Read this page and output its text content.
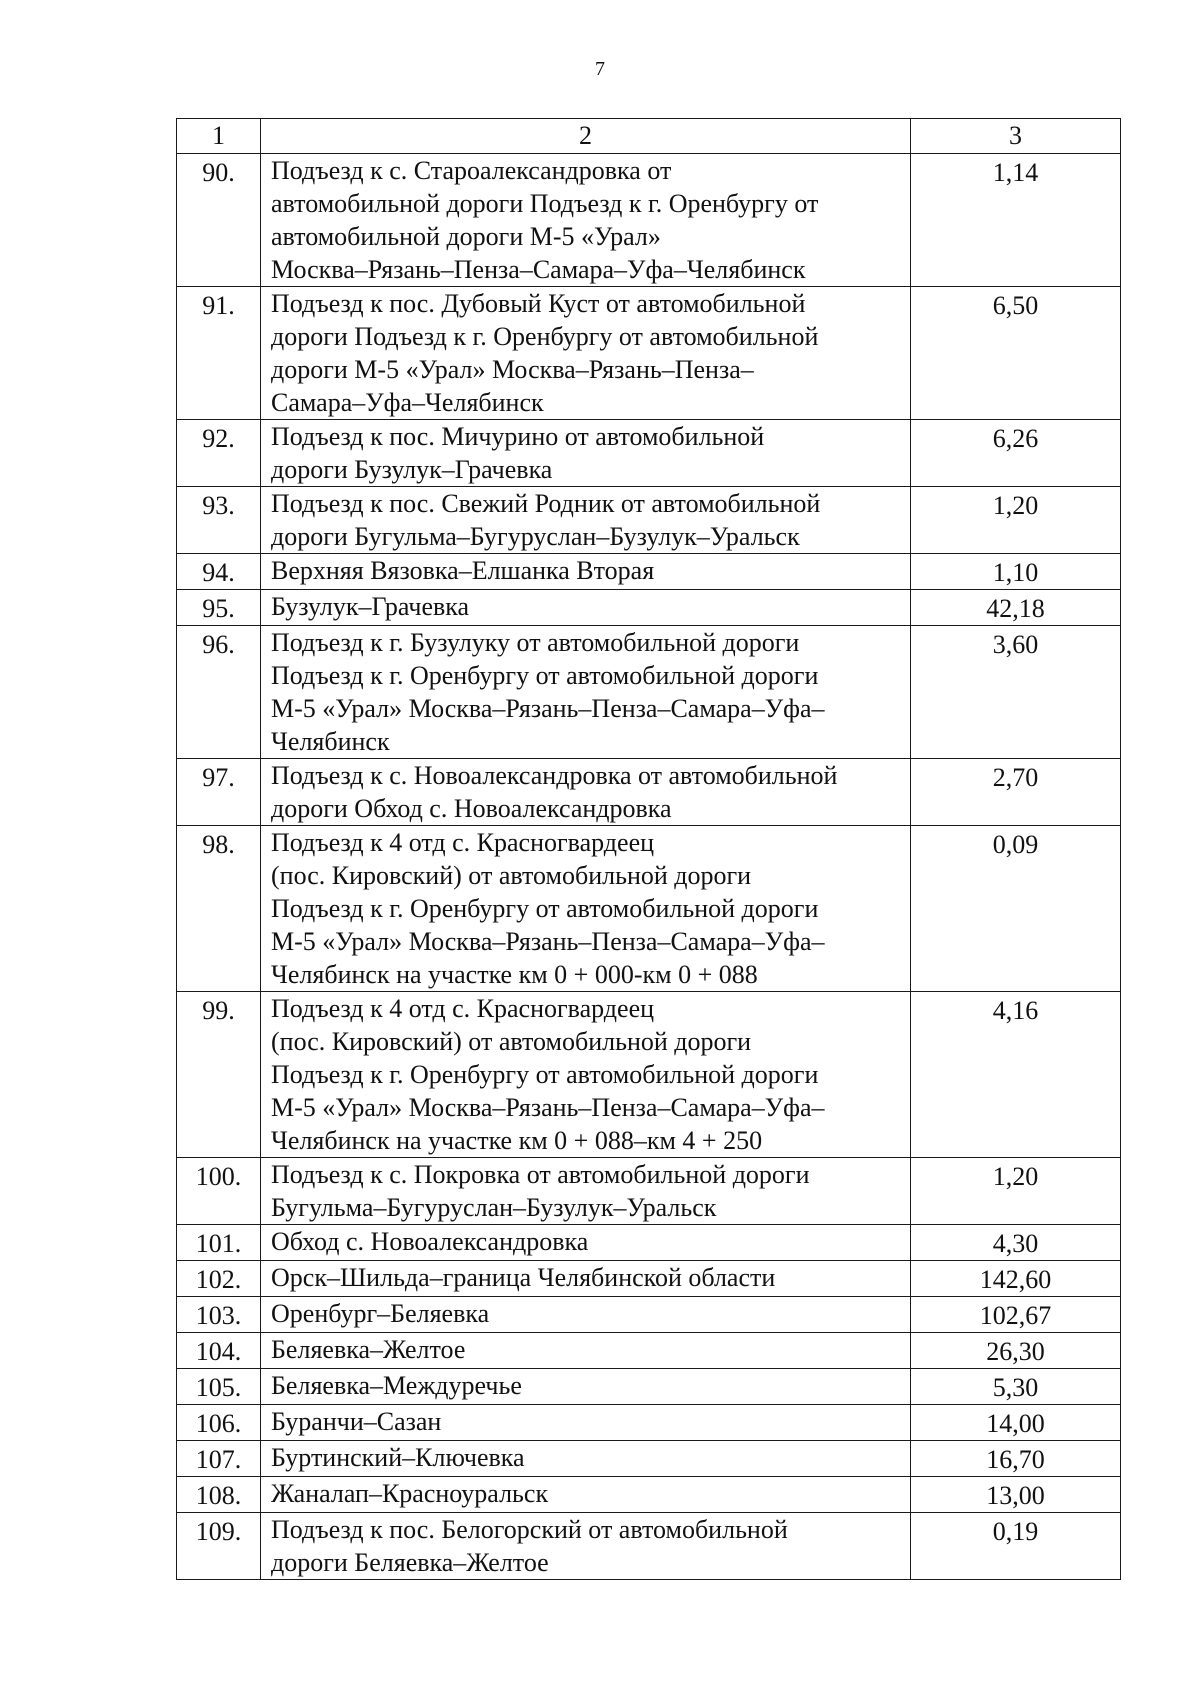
7
1	2	3
90.	Подъезд к с. Староалександровка от
автомобильной дороги Подъезд к г. Оренбургу от
автомобильной дороги М-5 «Урал»
Москва–Рязань–Пенза–Самара–Уфа–Челябинск	1,14
91.	Подъезд к пос. Дубовый Куст от автомобильной
дороги Подъезд к г. Оренбургу от автомобильной
дороги М-5 «Урал» Москва–Рязань–Пенза–
Самара–Уфа–Челябинск	6,50
92.	Подъезд к пос. Мичурино от автомобильной
дороги Бузулук–Грачевка	6,26
93.	Подъезд к пос. Свежий Родник от автомобильной
дороги Бугульма–Бугуруслан–Бузулук–Уральск	1,20
94.	Верхняя Вязовка–Елшанка Вторая	1,10
95.	Бузулук–Грачевка	42,18
96.	Подъезд к г. Бузулуку от автомобильной дороги
Подъезд к г. Оренбургу от автомобильной дороги
М-5 «Урал» Москва–Рязань–Пенза–Самара–Уфа–
Челябинск	3,60
97.	Подъезд к с. Новоалександровка от автомобильной
дороги Обход с. Новоалександровка	2,70
98.	Подъезд к 4 отд с. Красногвардеец
(пос. Кировский) от автомобильной дороги
Подъезд к г. Оренбургу от автомобильной дороги
М-5 «Урал» Москва–Рязань–Пенза–Самара–Уфа–
Челябинск на участке км 0 + 000-км 0 + 088	0,09
99.	Подъезд к 4 отд с. Красногвардеец
(пос. Кировский) от автомобильной дороги
Подъезд к г. Оренбургу от автомобильной дороги
М-5 «Урал» Москва–Рязань–Пенза–Самара–Уфа–
Челябинск на участке км 0 + 088–км 4 + 250	4,16
100.	Подъезд к с. Покровка от автомобильной дороги
Бугульма–Бугуруслан–Бузулук–Уральск	1,20
101.	Обход с. Новоалександровка	4,30
102.	Орск–Шильда–граница Челябинской области	142,60
103.	Оренбург–Беляевка	102,67
104.	Беляевка–Желтое	26,30
105.	Беляевка–Междуречье	5,30
106.	Буранчи–Сазан	14,00
107.	Буртинский–Ключевка	16,70
108.	Жаналап–Красноуральск	13,00
109.	Подъезд к пос. Белогорский от автомобильной
дороги Беляевка–Желтое	0,19
